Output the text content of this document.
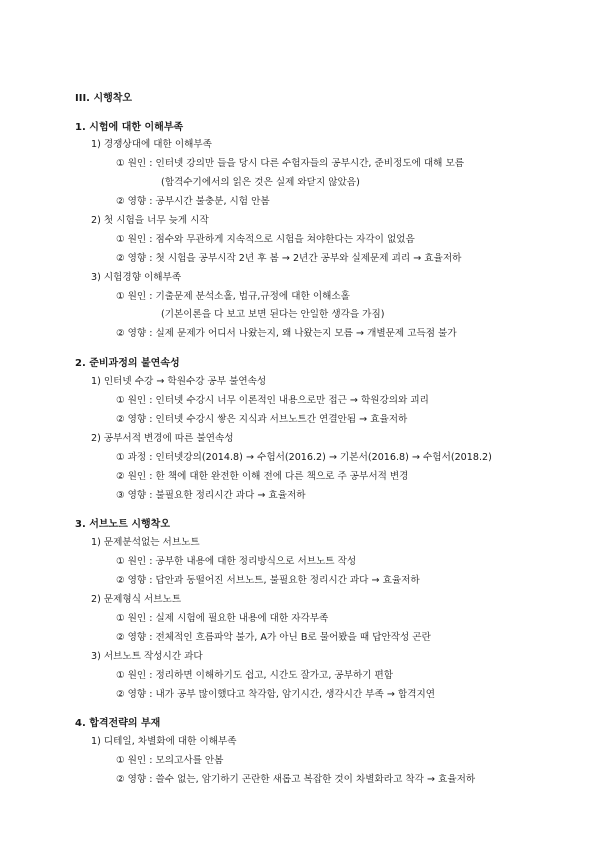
III. 시행착오
1. 시험에 대한 이해부족
1) 경쟁상대에 대한 이해부족
① 원인 : 인터넷 강의만 들을 당시 다른 수험자들의 공부시간, 준비정도에 대해 모름
(합격수기에서의 읽은 것은 실제 와닫지 않았음)
② 영향 : 공부시간 불충분, 시험 안봄
2) 첫 시험을 너무 늦게 시작
① 원인 : 점수와 무관하게 지속적으로 시험을 쳐야한다는 자각이 없었음
② 영향 : 첫 시험을 공부시작 2년 후 봄 → 2년간 공부와 실제문제 괴리 → 효율저하
3) 시험경향 이해부족
① 원인 : 기출문제 분석소홀, 법규,규정에 대한 이해소홀
(기본이론을 다 보고 보면 된다는 안일한 생각을 가짐)
② 영향 : 실제 문제가 어디서 나왔는지, 왜 나왔는지 모름 → 개별문제 고득점 불가
2. 준비과정의 불연속성
1) 인터넷 수강 → 학원수강 공부 불연속성
① 원인 : 인터넷 수강시 너무 이론적인 내용으로만 접근 → 학원강의와 괴리
② 영향 : 인터넷 수강시 쌓은 지식과 서브노트간 연결안됨 → 효율저하
2) 공부서적 변경에 따른 불연속성
① 과정 : 인터넷강의(2014.8) → 수험서(2016.2) → 기본서(2016.8) → 수험서(2018.2)
② 원인 : 한 책에 대한 완전한 이해 전에 다른 책으로 주 공부서적 변경
③ 영향 : 불필요한 정리시간 과다 → 효율저하
3. 서브노트 시행착오
1) 문제분석없는 서브노트
① 원인 : 공부한 내용에 대한 정리방식으로 서브노트 작성
② 영향 : 답안과 동떨어진 서브노트, 불필요한 정리시간 과다 → 효율저하
2) 문제형식 서브노트
① 원인 : 실제 시험에 필요한 내용에 대한 자각부족
② 영향 : 전체적인 흐름파악 불가, A가 아닌 B로 물어봤을 때 답안작성 곤란
3) 서브노트 작성시간 과다
① 원인 : 정리하면 이해하기도 쉽고, 시간도 잘가고, 공부하기 편함
② 영향 : 내가 공부 많이했다고 착각함, 암기시간, 생각시간 부족 → 합격지연
4. 합격전략의 부재
1) 디테일, 차별화에 대한 이해부족
① 원인 : 모의고사를 안봄
② 영향 : 쓸수 없는, 암기하기 곤란한 새롭고 복잡한 것이 차별화라고 착각 → 효율저하
